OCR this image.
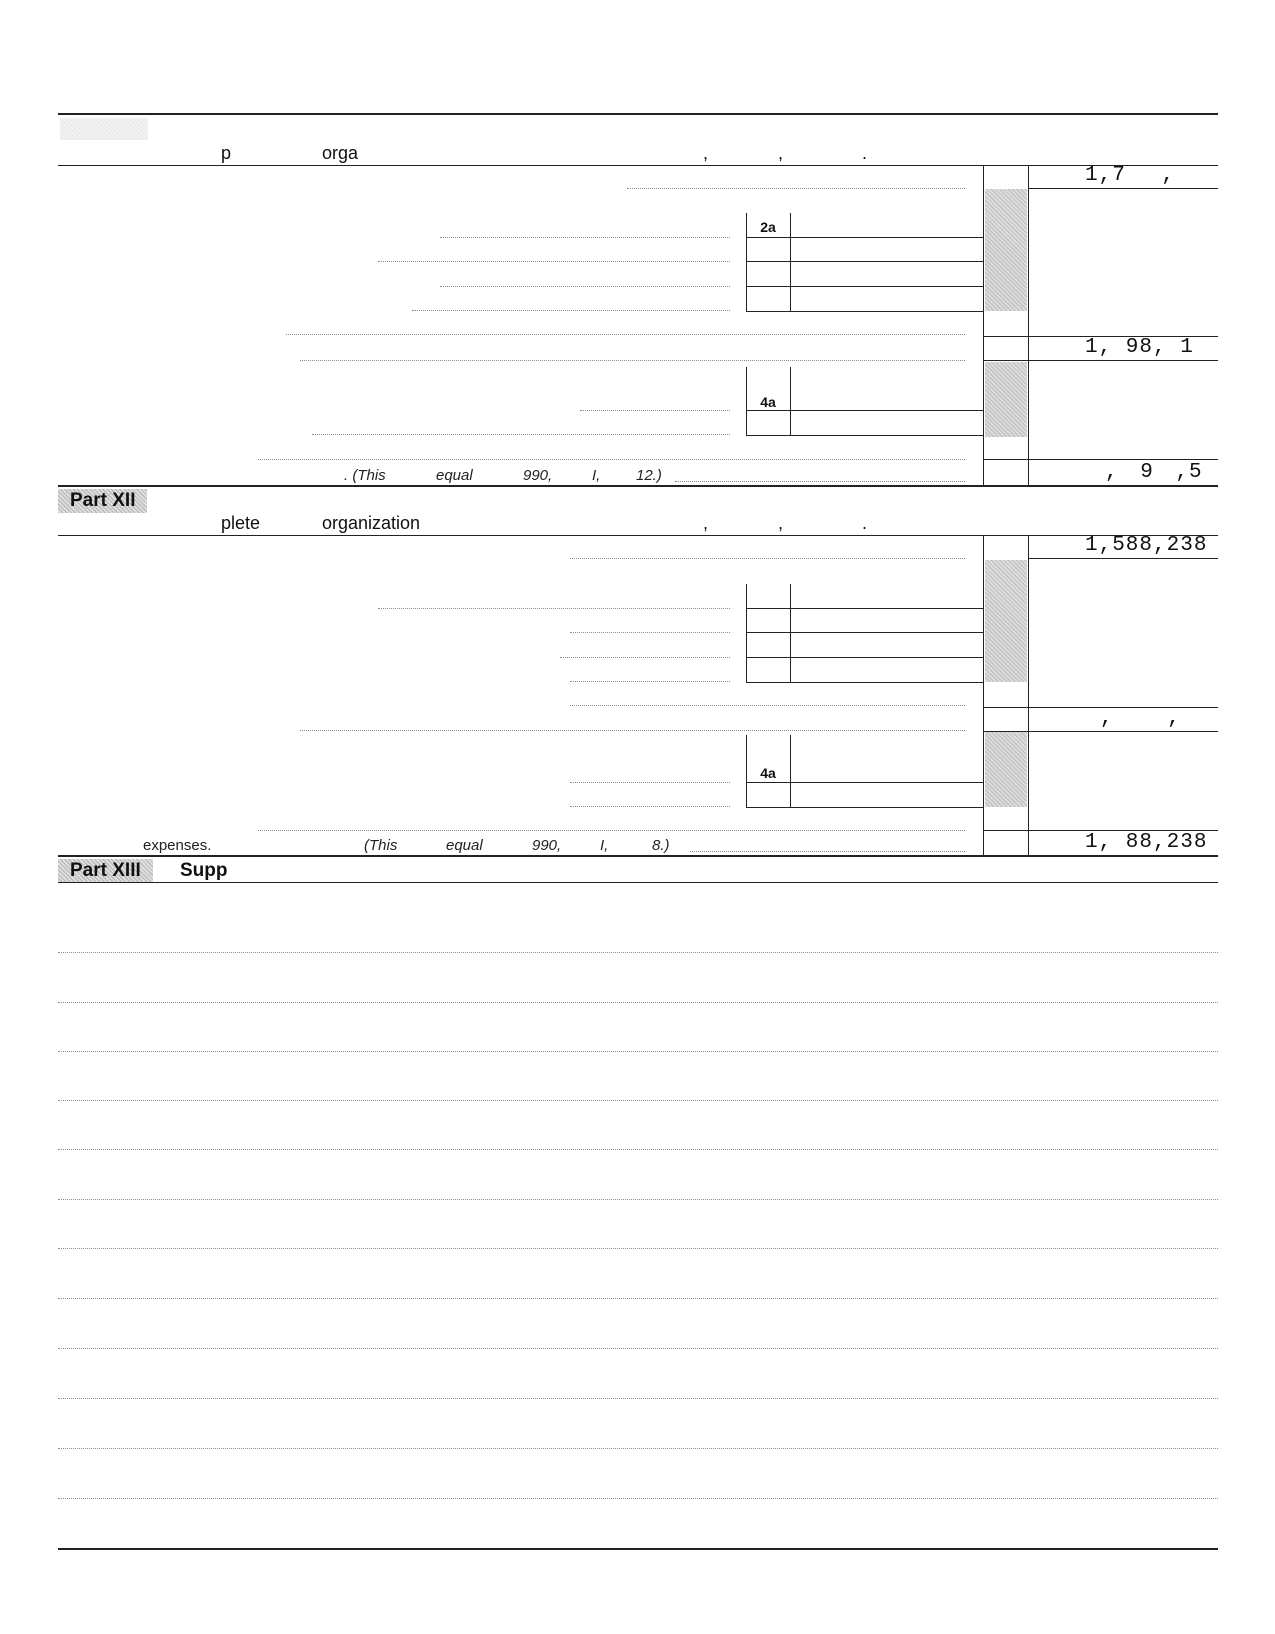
p	orga	,	,	.
1,7 ,
2a
1, 98, 1
4a
. (This	equal	990,	I, 12.)	, 9 ,5
Part XII
plete	organization	,	,	.
1,588,238
, ,
4a
expenses.	(This	equal	990,	I,	8.)	1, 88,238
Part XIII	Supp
